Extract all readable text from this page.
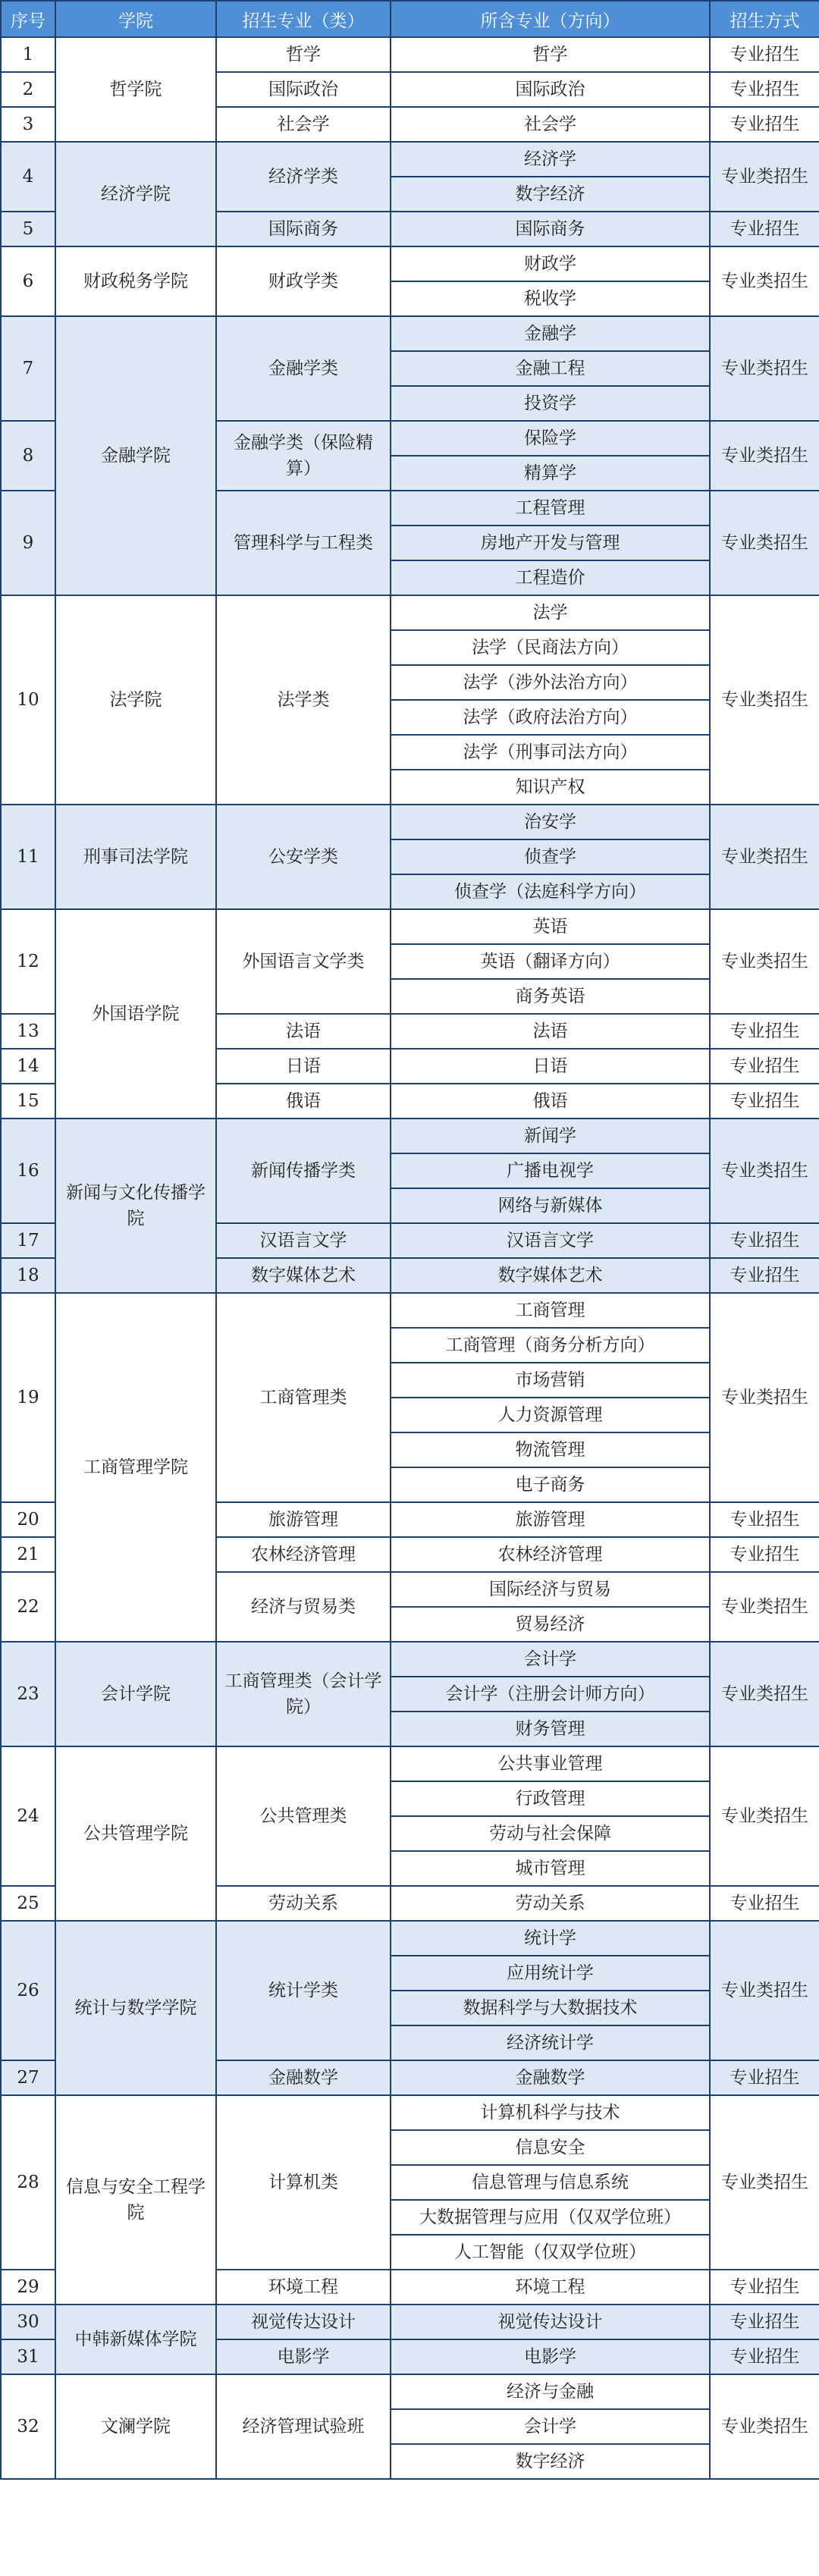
序号	学院	招生专业（类）	所含专业（方向）	招生方式
1	哲学院	哲学	哲学	专业招生
2		国际政治	国际政治	专业招生
3		社会学	社会学	专业招生
4	经济学院	经济学类	经济学	专业类招生
			数字经济	
5		国际商务	国际商务	专业招生
6	财政税务学院	财政学类	财政学	专业类招生
			税收学	
7	金融学院	金融学类	金融学	专业类招生
			金融工程	
			投资学	
8		金融学类（保险精算）	保险学	专业类招生
			精算学	
9		管理科学与工程类	工程管理	专业类招生
			房地产开发与管理	
			工程造价	
10	法学院	法学类	法学	专业类招生
			法学（民商法方向）	
			法学（涉外法治方向）	
			法学（政府法治方向）	
			法学（刑事司法方向）	
			知识产权	
11	刑事司法学院	公安学类	治安学	专业类招生
			侦查学	
			侦查学（法庭科学方向）	
12	外国语学院	外国语言文学类	英语	专业类招生
			英语（翻译方向）	
			商务英语	
13		法语	法语	专业招生
14		日语	日语	专业招生
15		俄语	俄语	专业招生
16	新闻与文化传播学院	新闻传播学类	新闻学	专业类招生
			广播电视学	
			网络与新媒体	
17		汉语言文学	汉语言文学	专业招生
18		数字媒体艺术	数字媒体艺术	专业招生
19	工商管理学院	工商管理类	工商管理	专业类招生
			工商管理（商务分析方向）	
			市场营销	
			人力资源管理	
			物流管理	
			电子商务	
20		旅游管理	旅游管理	专业招生
21		农林经济管理	农林经济管理	专业招生
22		经济与贸易类	国际经济与贸易	专业类招生
			贸易经济	
23	会计学院	工商管理类（会计学院）	会计学	专业类招生
			会计学（注册会计师方向）	
			财务管理	
24	公共管理学院	公共管理类	公共事业管理	专业类招生
			行政管理	
			劳动与社会保障	
			城市管理	
25		劳动关系	劳动关系	专业招生
26	统计与数学学院	统计学类	统计学	专业类招生
			应用统计学	
			数据科学与大数据技术	
			经济统计学	
27		金融数学	金融数学	专业招生
28	信息与安全工程学院	计算机类	计算机科学与技术	专业类招生
			信息安全	
			信息管理与信息系统	
			大数据管理与应用（仅双学位班）	
			人工智能（仅双学位班）	
29		环境工程	环境工程	专业招生
30	中韩新媒体学院	视觉传达设计	视觉传达设计	专业招生
31		电影学	电影学	专业招生
32	文澜学院	经济管理试验班	经济与金融	专业类招生
			会计学	
			数字经济	
